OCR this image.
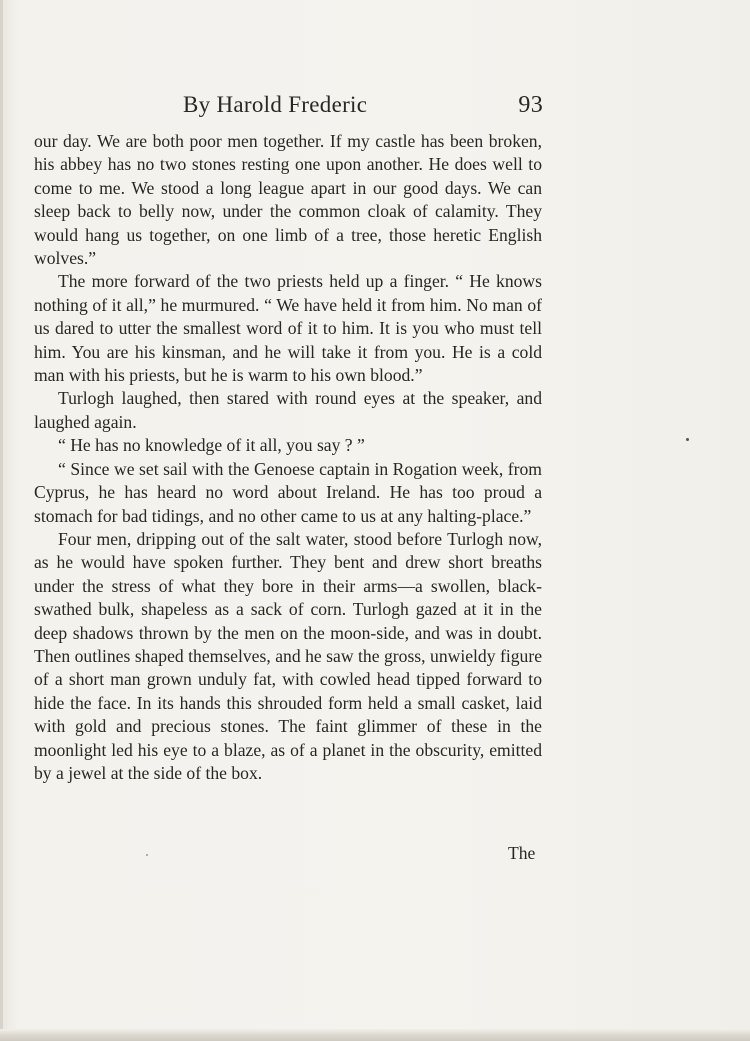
By Harold Frederic	93

our day. We are both poor men together. If my castle has been broken, his abbey has no two stones resting one upon another. He does well to come to me. We stood a long league apart in our good days. We can sleep back to belly now, under the common cloak of calamity. They would hang us together, on one limb of a tree, those heretic English wolves.”

The more forward of the two priests held up a finger. “ He knows nothing of it all,” he murmured. “ We have held it from him. No man of us dared to utter the smallest word of it to him. It is you who must tell him. You are his kinsman, and he will take it from you. He is a cold man with his priests, but he is warm to his own blood.”

Turlogh laughed, then stared with round eyes at the speaker, and laughed again.

“ He has no knowledge of it all, you say ? ”

“ Since we set sail with the Genoese captain in Rogation week, from Cyprus, he has heard no word about Ireland. He has too proud a stomach for bad tidings, and no other came to us at any halting-place.”

Four men, dripping out of the salt water, stood before Turlogh now, as he would have spoken further. They bent and drew short breaths under the stress of what they bore in their arms—a swollen, black-swathed bulk, shapeless as a sack of corn. Turlogh gazed at it in the deep shadows thrown by the men on the moon-side, and was in doubt. Then outlines shaped themselves, and he saw the gross, unwieldy figure of a short man grown unduly fat, with cowled head tipped forward to hide the face. In its hands this shrouded form held a small casket, laid with gold and precious stones. The faint glimmer of these in the moonlight led his eye to a blaze, as of a planet in the obscurity, emitted by a jewel at the side of the box.

The
